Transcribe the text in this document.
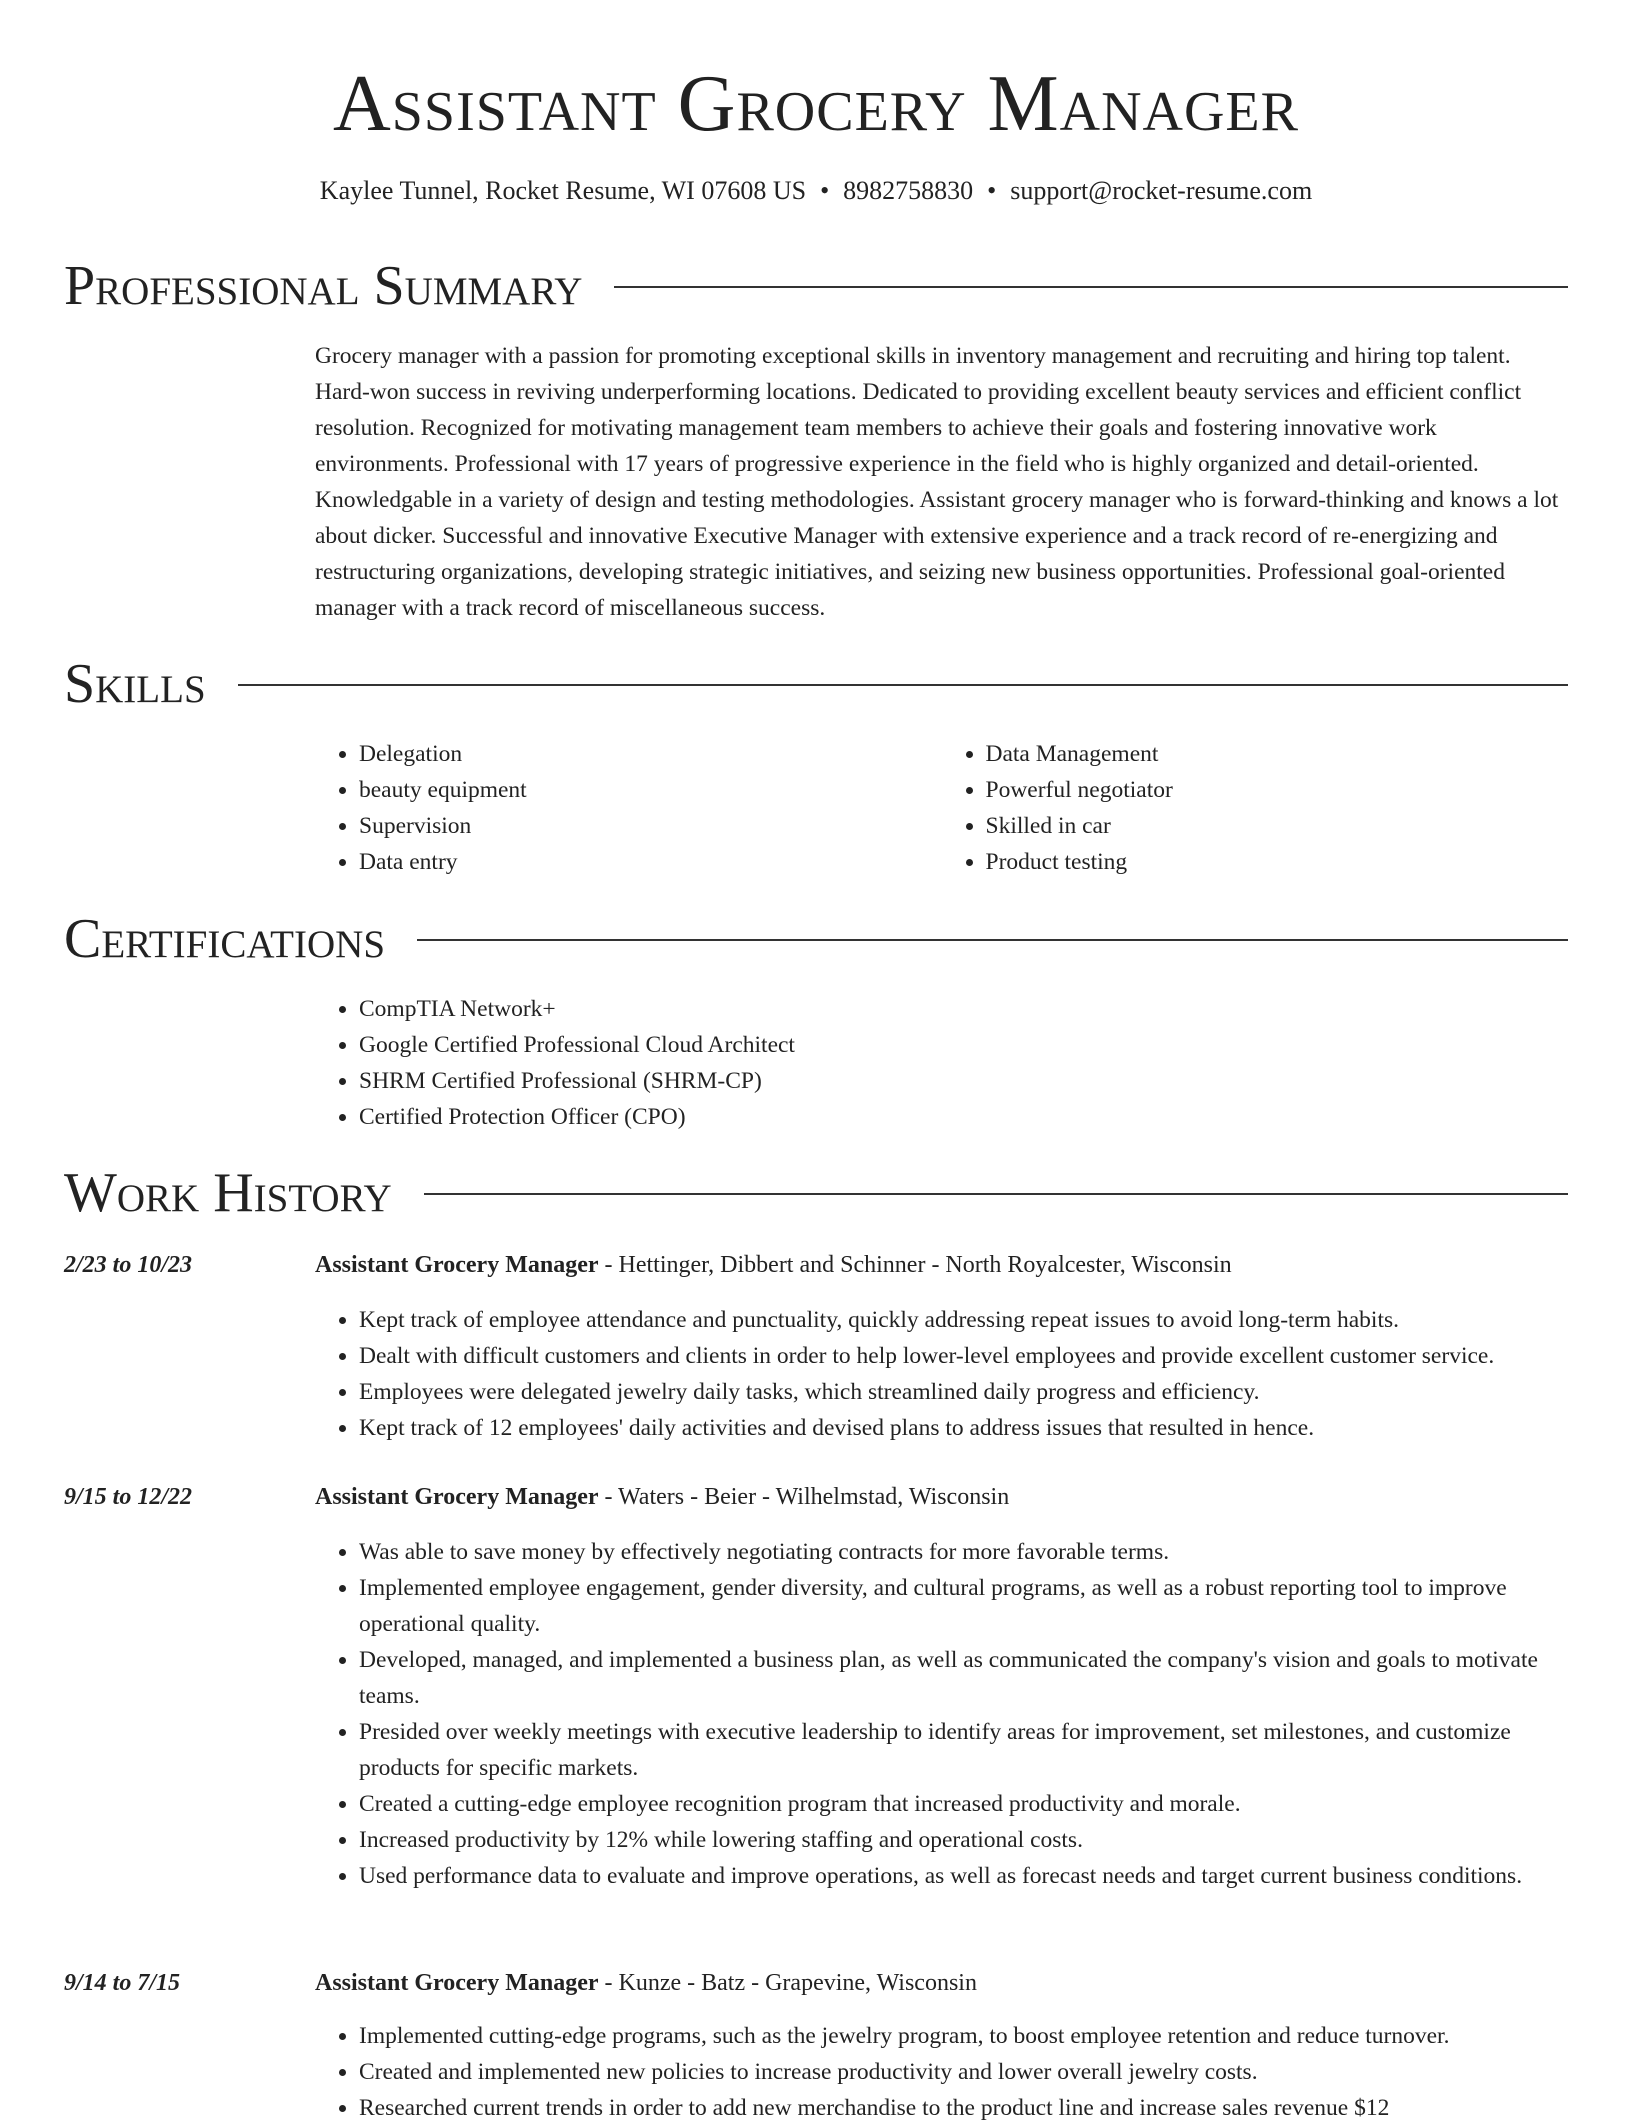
Assistant Grocery Manager
Kaylee Tunnel, Rocket Resume, WI 07608 US • 8982758830 • support@rocket-resume.com
Professional Summary
Grocery manager with a passion for promoting exceptional skills in inventory management and recruiting and hiring top talent. Hard-won success in reviving underperforming locations. Dedicated to providing excellent beauty services and efficient conflict resolution. Recognized for motivating management team members to achieve their goals and fostering innovative work environments. Professional with 17 years of progressive experience in the field who is highly organized and detail-oriented. Knowledgable in a variety of design and testing methodologies. Assistant grocery manager who is forward-thinking and knows a lot about dicker. Successful and innovative Executive Manager with extensive experience and a track record of re-energizing and restructuring organizations, developing strategic initiatives, and seizing new business opportunities. Professional goal-oriented manager with a track record of miscellaneous success.
Skills
• Delegation
• beauty equipment
• Supervision
• Data entry
• Data Management
• Powerful negotiator
• Skilled in car
• Product testing
Certifications
• CompTIA Network+
• Google Certified Professional Cloud Architect
• SHRM Certified Professional (SHRM-CP)
• Certified Protection Officer (CPO)
Work History
2/23 to 10/23	Assistant Grocery Manager - Hettinger, Dibbert and Schinner - North Royalcester, Wisconsin
• Kept track of employee attendance and punctuality, quickly addressing repeat issues to avoid long-term habits.
• Dealt with difficult customers and clients in order to help lower-level employees and provide excellent customer service.
• Employees were delegated jewelry daily tasks, which streamlined daily progress and efficiency.
• Kept track of 12 employees' daily activities and devised plans to address issues that resulted in hence.
9/15 to 12/22	Assistant Grocery Manager - Waters - Beier - Wilhelmstad, Wisconsin
• Was able to save money by effectively negotiating contracts for more favorable terms.
• Implemented employee engagement, gender diversity, and cultural programs, as well as a robust reporting tool to improve operational quality.
• Developed, managed, and implemented a business plan, as well as communicated the company's vision and goals to motivate teams.
• Presided over weekly meetings with executive leadership to identify areas for improvement, set milestones, and customize products for specific markets.
• Created a cutting-edge employee recognition program that increased productivity and morale.
• Increased productivity by 12% while lowering staffing and operational costs.
• Used performance data to evaluate and improve operations, as well as forecast needs and target current business conditions.
9/14 to 7/15	Assistant Grocery Manager - Kunze - Batz - Grapevine, Wisconsin
• Implemented cutting-edge programs, such as the jewelry program, to boost employee retention and reduce turnover.
• Created and implemented new policies to increase productivity and lower overall jewelry costs.
• Researched current trends in order to add new merchandise to the product line and increase sales revenue $12
